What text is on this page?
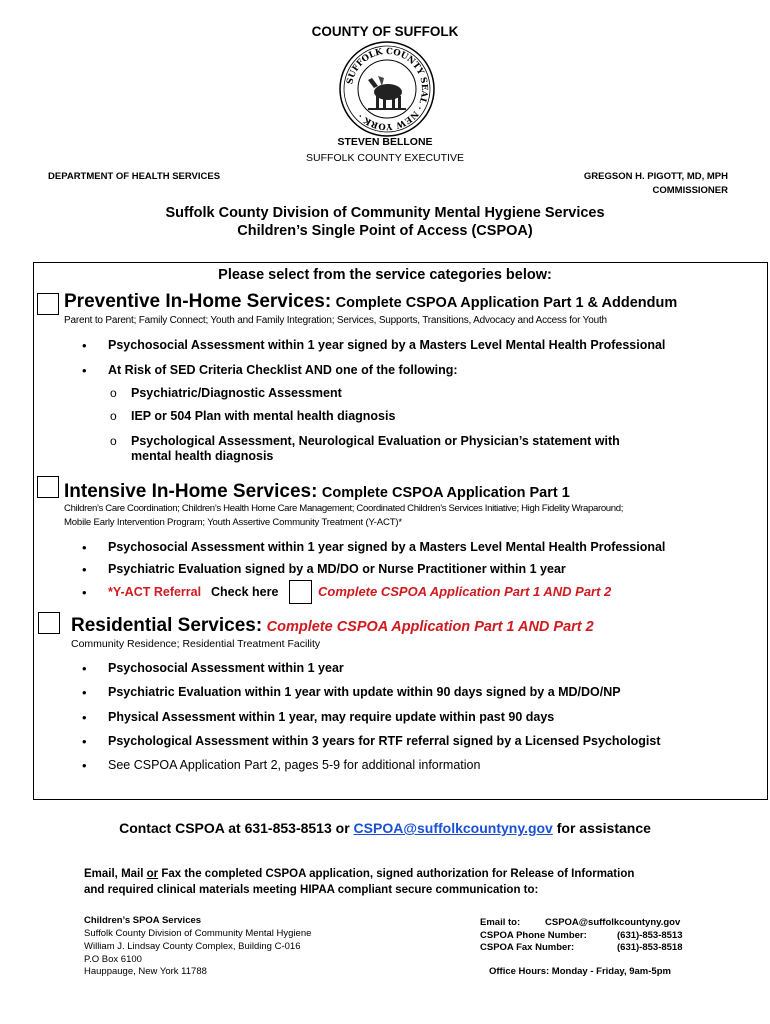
COUNTY OF SUFFOLK
SUFFOLK COUNTY SEAL · NEW YORK ·
STEVEN BELLONE
SUFFOLK COUNTY EXECUTIVE
DEPARTMENT OF HEALTH SERVICES	GREGSON H. PIGOTT, MD, MPH
COMMISSIONER
Suffolk County Division of Community Mental Hygiene Services
Children’s Single Point of Access (CSPOA)
Please select from the service categories below:
Preventive In-Home Services: Complete CSPOA Application Part 1 & Addendum
Parent to Parent; Family Connect; Youth and Family Integration; Services, Supports, Transitions, Advocacy and Access for Youth
• Psychosocial Assessment within 1 year signed by a Masters Level Mental Health Professional
• At Risk of SED Criteria Checklist AND one of the following:
o Psychiatric/Diagnostic Assessment
o IEP or 504 Plan with mental health diagnosis
o Psychological Assessment, Neurological Evaluation or Physician’s statement with
mental health diagnosis
Intensive In-Home Services: Complete CSPOA Application Part 1
Children’s Care Coordination; Children’s Health Home Care Management; Coordinated Children’s Services Initiative; High Fidelity Wraparound;
Mobile Early Intervention Program; Youth Assertive Community Treatment (Y-ACT)*
• Psychosocial Assessment within 1 year signed by a Masters Level Mental Health Professional
• Psychiatric Evaluation signed by a MD/DO or Nurse Practitioner within 1 year
• *Y-ACT Referral Check here	Complete CSPOA Application Part 1 AND Part 2
Residential Services: Complete CSPOA Application Part 1 AND Part 2
Community Residence; Residential Treatment Facility
• Psychosocial Assessment within 1 year
• Psychiatric Evaluation within 1 year with update within 90 days signed by a MD/DO/NP
• Physical Assessment within 1 year, may require update within past 90 days
• Psychological Assessment within 3 years for RTF referral signed by a Licensed Psychologist
• See CSPOA Application Part 2, pages 5-9 for additional information
Contact CSPOA at 631-853-8513 or CSPOA@suffolkcountyny.gov for assistance
Email, Mail or Fax the completed CSPOA application, signed authorization for Release of Information
and required clinical materials meeting HIPAA compliant secure communication to:
Children’s SPOA Services
Suffolk County Division of Community Mental Hygiene
William J. Lindsay County Complex, Building C-016
P.O Box 6100
Hauppauge, New York 11788
Email to:	CSPOA@suffolkcountyny.gov
CSPOA Phone Number:	(631)-853-8513
CSPOA Fax Number:	(631)-853-8518
Office Hours: Monday - Friday, 9am-5pm
